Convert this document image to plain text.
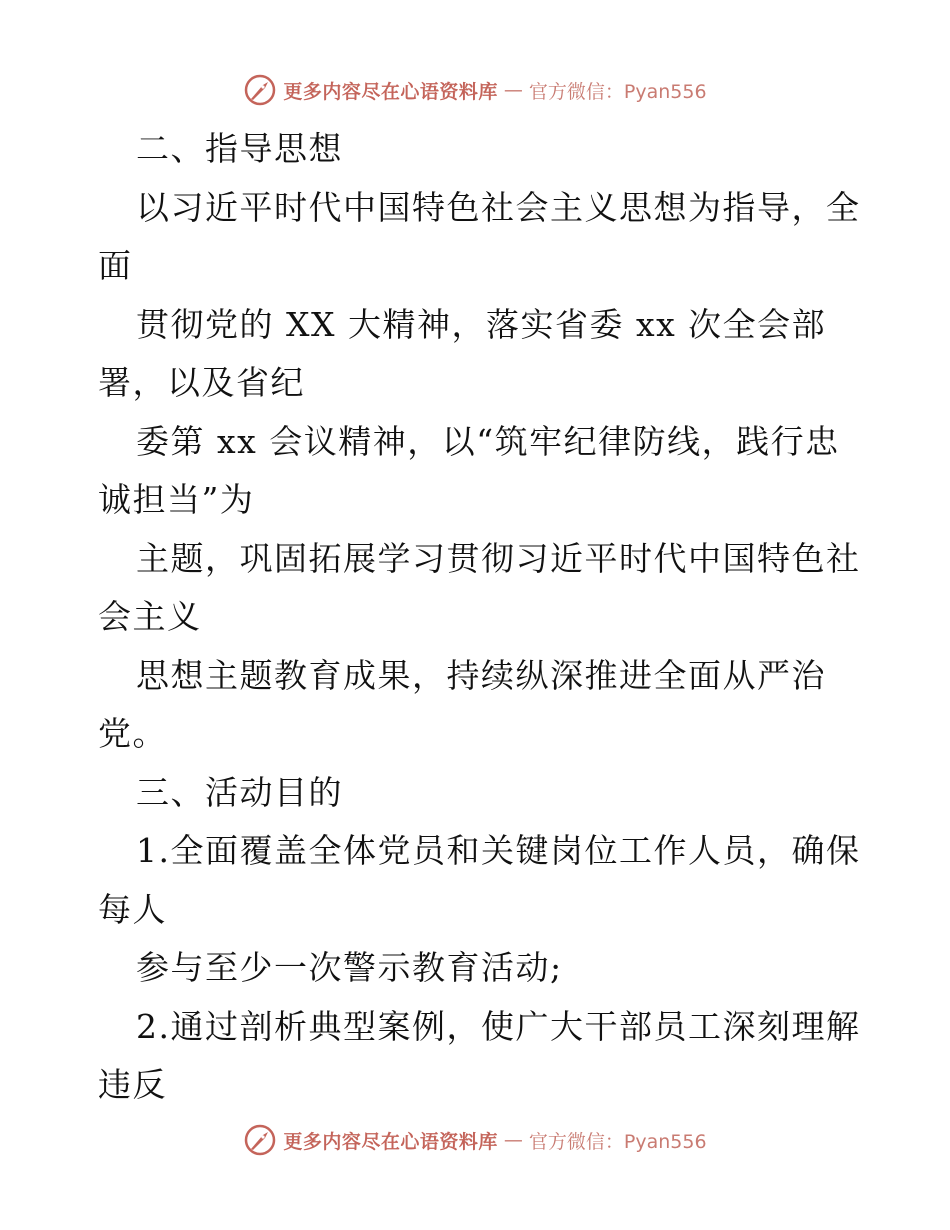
更多内容尽在心语资料库 — 官方微信：Pyan556
二、指导思想
以习近平时代中国特色社会主义思想为指导，全
面
贯彻党的 XX 大精神，落实省委 xx 次全会部
署，以及省纪
委第 xx 会议精神，以“筑牢纪律防线，践行忠
诚担当”为
主题，巩固拓展学习贯彻习近平时代中国特色社
会主义
思想主题教育成果，持续纵深推进全面从严治
党。
三、活动目的
1.全面覆盖全体党员和关键岗位工作人员，确保
每人
参与至少一次警示教育活动;
2.通过剖析典型案例，使广大干部员工深刻理解
违反
更多内容尽在心语资料库 — 官方微信：Pyan556
